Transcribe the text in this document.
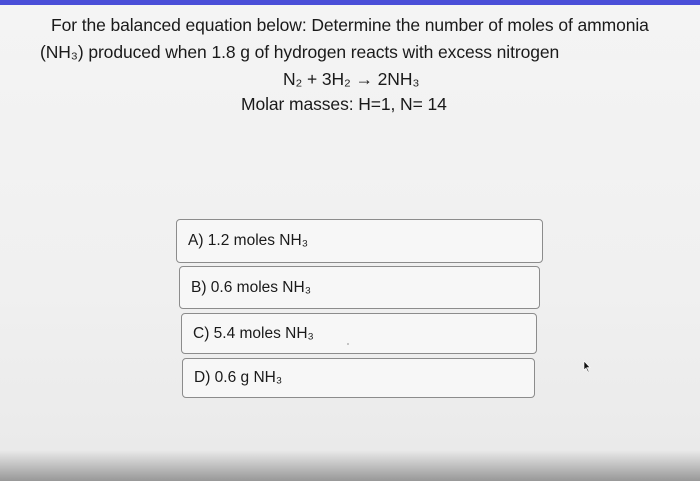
For the balanced equation below: Determine the number of moles of ammonia
(NH₃) produced when 1.8 g of hydrogen reacts with excess nitrogen
N₂ + 3H₂ → 2NH₃
Molar masses: H=1, N= 14
A) 1.2 moles NH₃
B) 0.6 moles NH₃
C) 5.4 moles NH₃
D) 0.6 g NH₃
